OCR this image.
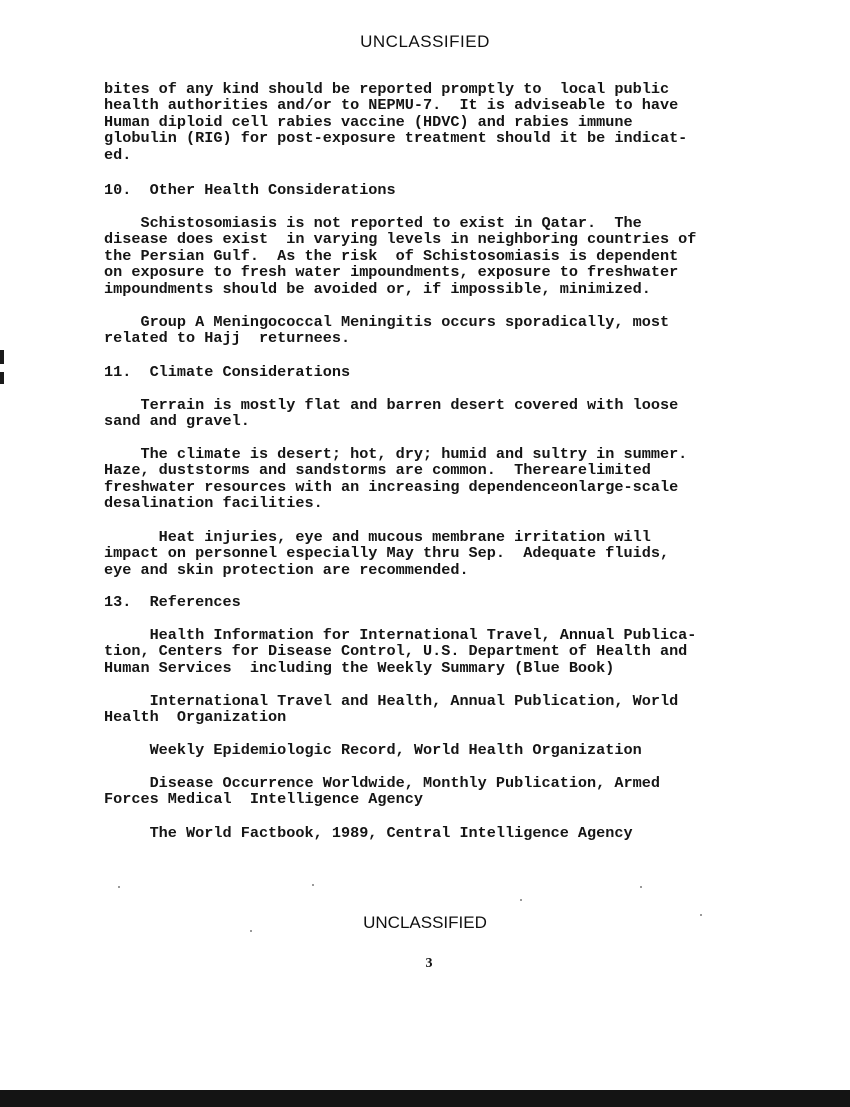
UNCLASSIFIED
bites of any kind should be reported promptly to  local public
health authorities and/or to NEPMU-7.  It is adviseable to have
Human diploid cell rabies vaccine (HDVC) and rabies immune
globulin (RIG) for post-exposure treatment should it be indicat-
ed.
10.  Other Health Considerations
Schistosomiasis is not reported to exist in Qatar.  The
disease does exist  in varying levels in neighboring countries of
the Persian Gulf.  As the risk  of Schistosomiasis is dependent
on exposure to fresh water impoundments, exposure to freshwater
impoundments should be avoided or, if impossible, minimized.
Group A Meningococcal Meningitis occurs sporadically, most
related to Hajj  returnees.
11.  Climate Considerations
Terrain is mostly flat and barren desert covered with loose
sand and gravel.
The climate is desert; hot, dry; humid and sultry in summer.
Haze, duststorms and sandstorms are common.  Therearelimited
freshwater resources with an increasing dependenceonlarge-scale
desalination facilities.
Heat injuries, eye and mucous membrane irritation will
impact on personnel especially May thru Sep.  Adequate fluids,
eye and skin protection are recommended.
13.  References
Health Information for International Travel, Annual Publica-
tion, Centers for Disease Control, U.S. Department of Health and
Human Services  including the Weekly Summary (Blue Book)
International Travel and Health, Annual Publication, World
Health  Organization
Weekly Epidemiologic Record, World Health Organization
Disease Occurrence Worldwide, Monthly Publication, Armed
Forces Medical  Intelligence Agency
The World Factbook, 1989, Central Intelligence Agency
UNCLASSIFIED
3
